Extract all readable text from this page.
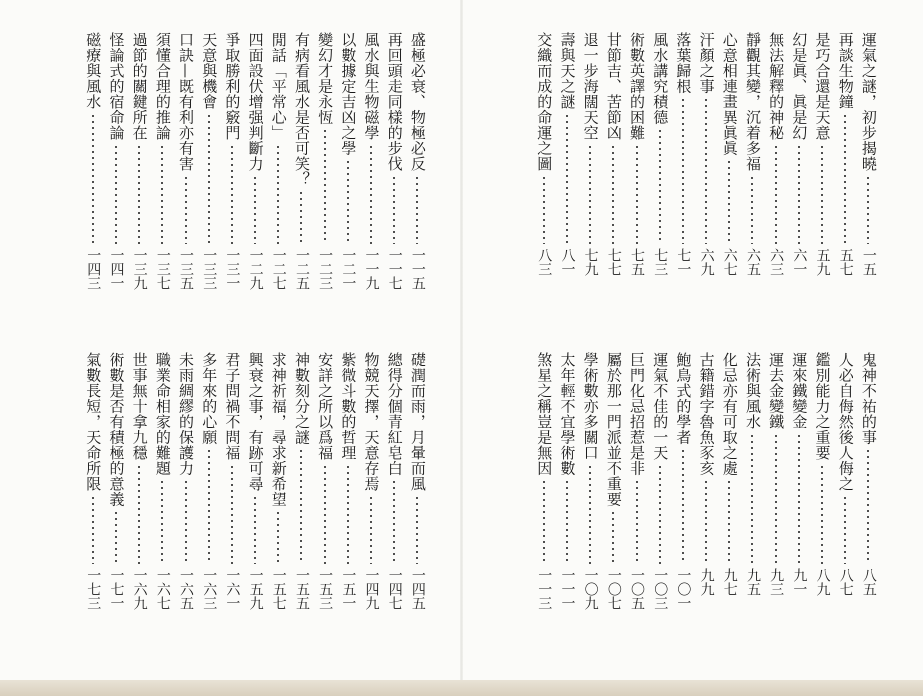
運氣之謎，初步揭曉
一五
再談生物鐘
五七
是巧合還是天意
五九
幻是眞、眞是幻
六一
無法解釋的神秘
六三
靜觀其變，沉着多福
六五
心意相連畫異眞眞
六七
汗顏之事
六九
落葉歸根
七一
風水講究積德
七三
術數英譯的困難
七五
甘節吉、苦節凶
七七
退一步海闊天空
七九
壽與天之謎
八一
交織而成的命運之圖
八三
鬼神不祐的事
八五
人必自侮然後人侮之
八七
鑑別能力之重要
八九
運來鐵變金
九一
運去金變鐵
九三
法術與風水
九五
化忌亦有可取之處
九七
古籍錯字魯魚豕亥
九九
鮑鳥式的學者
一〇一
運氣不佳的一天
一〇三
巨門化忌招惹是非
一〇五
屬於那一門派並不重要
一〇七
學術數亦多關口
一〇九
太年輕不宜學術數
一一一
煞星之稱豈是無因
一一三
盛極必衰、物極必反
一一五
再回頭走同樣的步伐
一一七
風水與生物磁學
一一九
以數據定吉凶之學
一二一
變幻才是永恆
一二三
有病看風水是否可笑？
一二五
閒話「平常心」
一二七
四面設伏增强判斷力
一二九
爭取勝利的竅門
一三一
天意與機會
一三三
口訣—既有利亦有害
一三五
須懂合理的推論
一三七
過節的關鍵所在
一三九
怪論式的宿命論
一四一
磁療與風水
一四三
礎潤而雨，月暈而風
一四五
總得分個青紅皂白
一四七
物競天擇，天意存焉
一四九
紫微斗數的哲理
一五一
安詳之所以爲福
一五三
神數刻分之謎
一五五
求神祈福，尋求新希望
一五七
興衰之事，有跡可尋
一五九
君子問禍不問福
一六一
多年來的心願
一六三
未雨綢繆的保護力
一六五
職業命相家的難題
一六七
世事無十拿九穩
一六九
術數是否有積極的意義
一七一
氣數長短，天命所限
一七三
